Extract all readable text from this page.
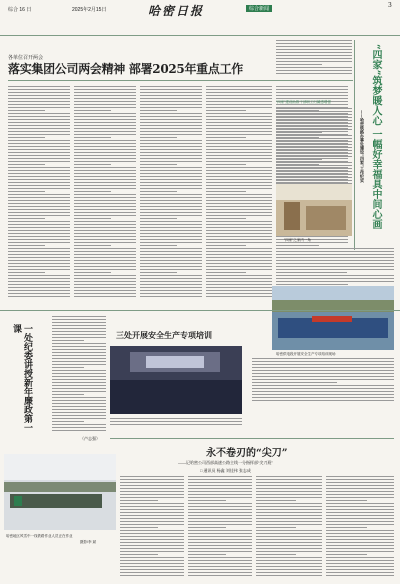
综合 16 日	2025年2月15日	哈密日报	综合新闻	3
各单位召开两会
落实集团公司两会精神 部署2025年重点工作	“四家”筑梦暖人心 一幅好幸福具中间心画
——哈密铁路办事处建设“四家”工作纪实
“四家”建设助推干部职工归属感增强
“四家”之家内一角
哈密供电段开展安全生产专项培训现场
一处纪委讲授新年廉政第一课
（卢志强）
三处开展安全生产专项培训
永不卷刃的“尖刀”
——记哈密公司西部高速公路主线一分指挥部“尖刀班”
□ 通讯员 杨鑫 刘佳伟 张志成
哈密地区风雪中一线铁路作业人员正在作业
摄影/李 斌
